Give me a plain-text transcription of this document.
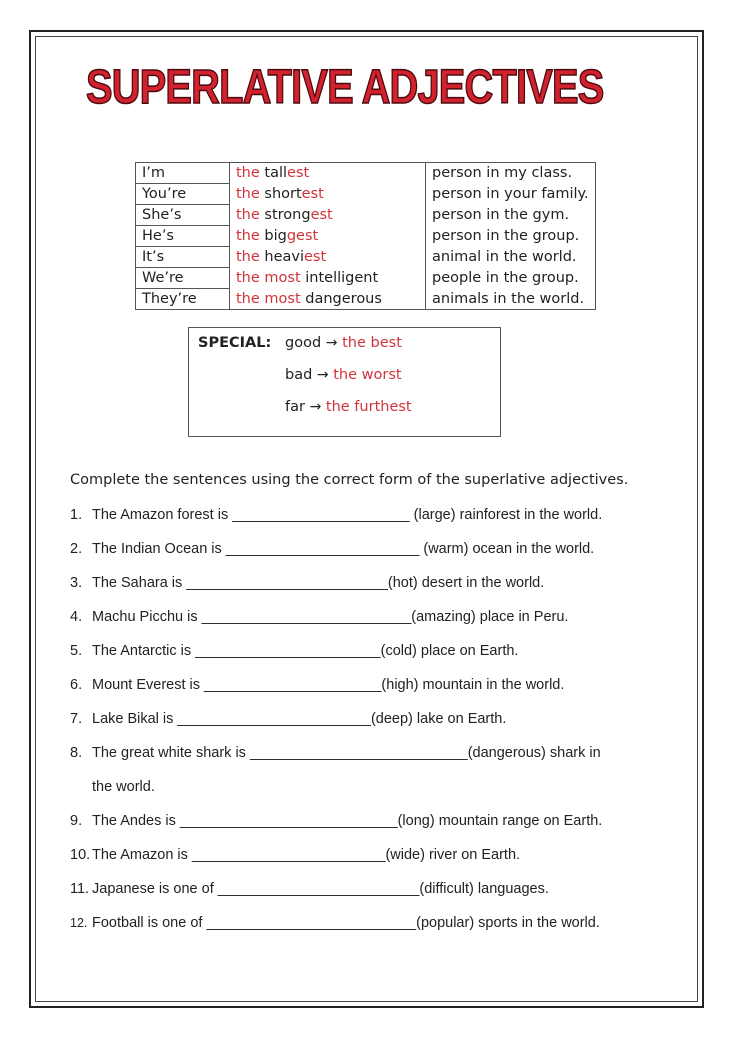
SUPERLATIVE ADJECTIVES
I’m	the tallest	person in my class.
You’re	the shortest	person in your family.
She’s	the strongest	person in the gym.
He’s	the biggest	person in the group.
It’s	the heaviest	animal in the world.
We’re	the most intelligent	people in the group.
They’re	the most dangerous	animals in the world.
SPECIAL: good → the best
bad → the worst
far → the furthest
Complete the sentences using the correct form of the superlative adjectives.
1. The Amazon forest is ______________________ (large) rainforest in the world.
2. The Indian Ocean is ________________________ (warm) ocean in the world.
3. The Sahara is _________________________(hot) desert in the world.
4. Machu Picchu is __________________________(amazing) place in Peru.
5. The Antarctic is _______________________(cold) place on Earth.
6. Mount Everest is ______________________(high) mountain in the world.
7. Lake Bikal is ________________________(deep) lake on Earth.
8. The great white shark is ___________________________(dangerous) shark in
the world.
9. The Andes is ___________________________(long) mountain range on Earth.
10. The Amazon is ________________________(wide) river on Earth.
11. Japanese is one of _________________________(difficult) languages.
12. Football is one of __________________________(popular) sports in the world.
